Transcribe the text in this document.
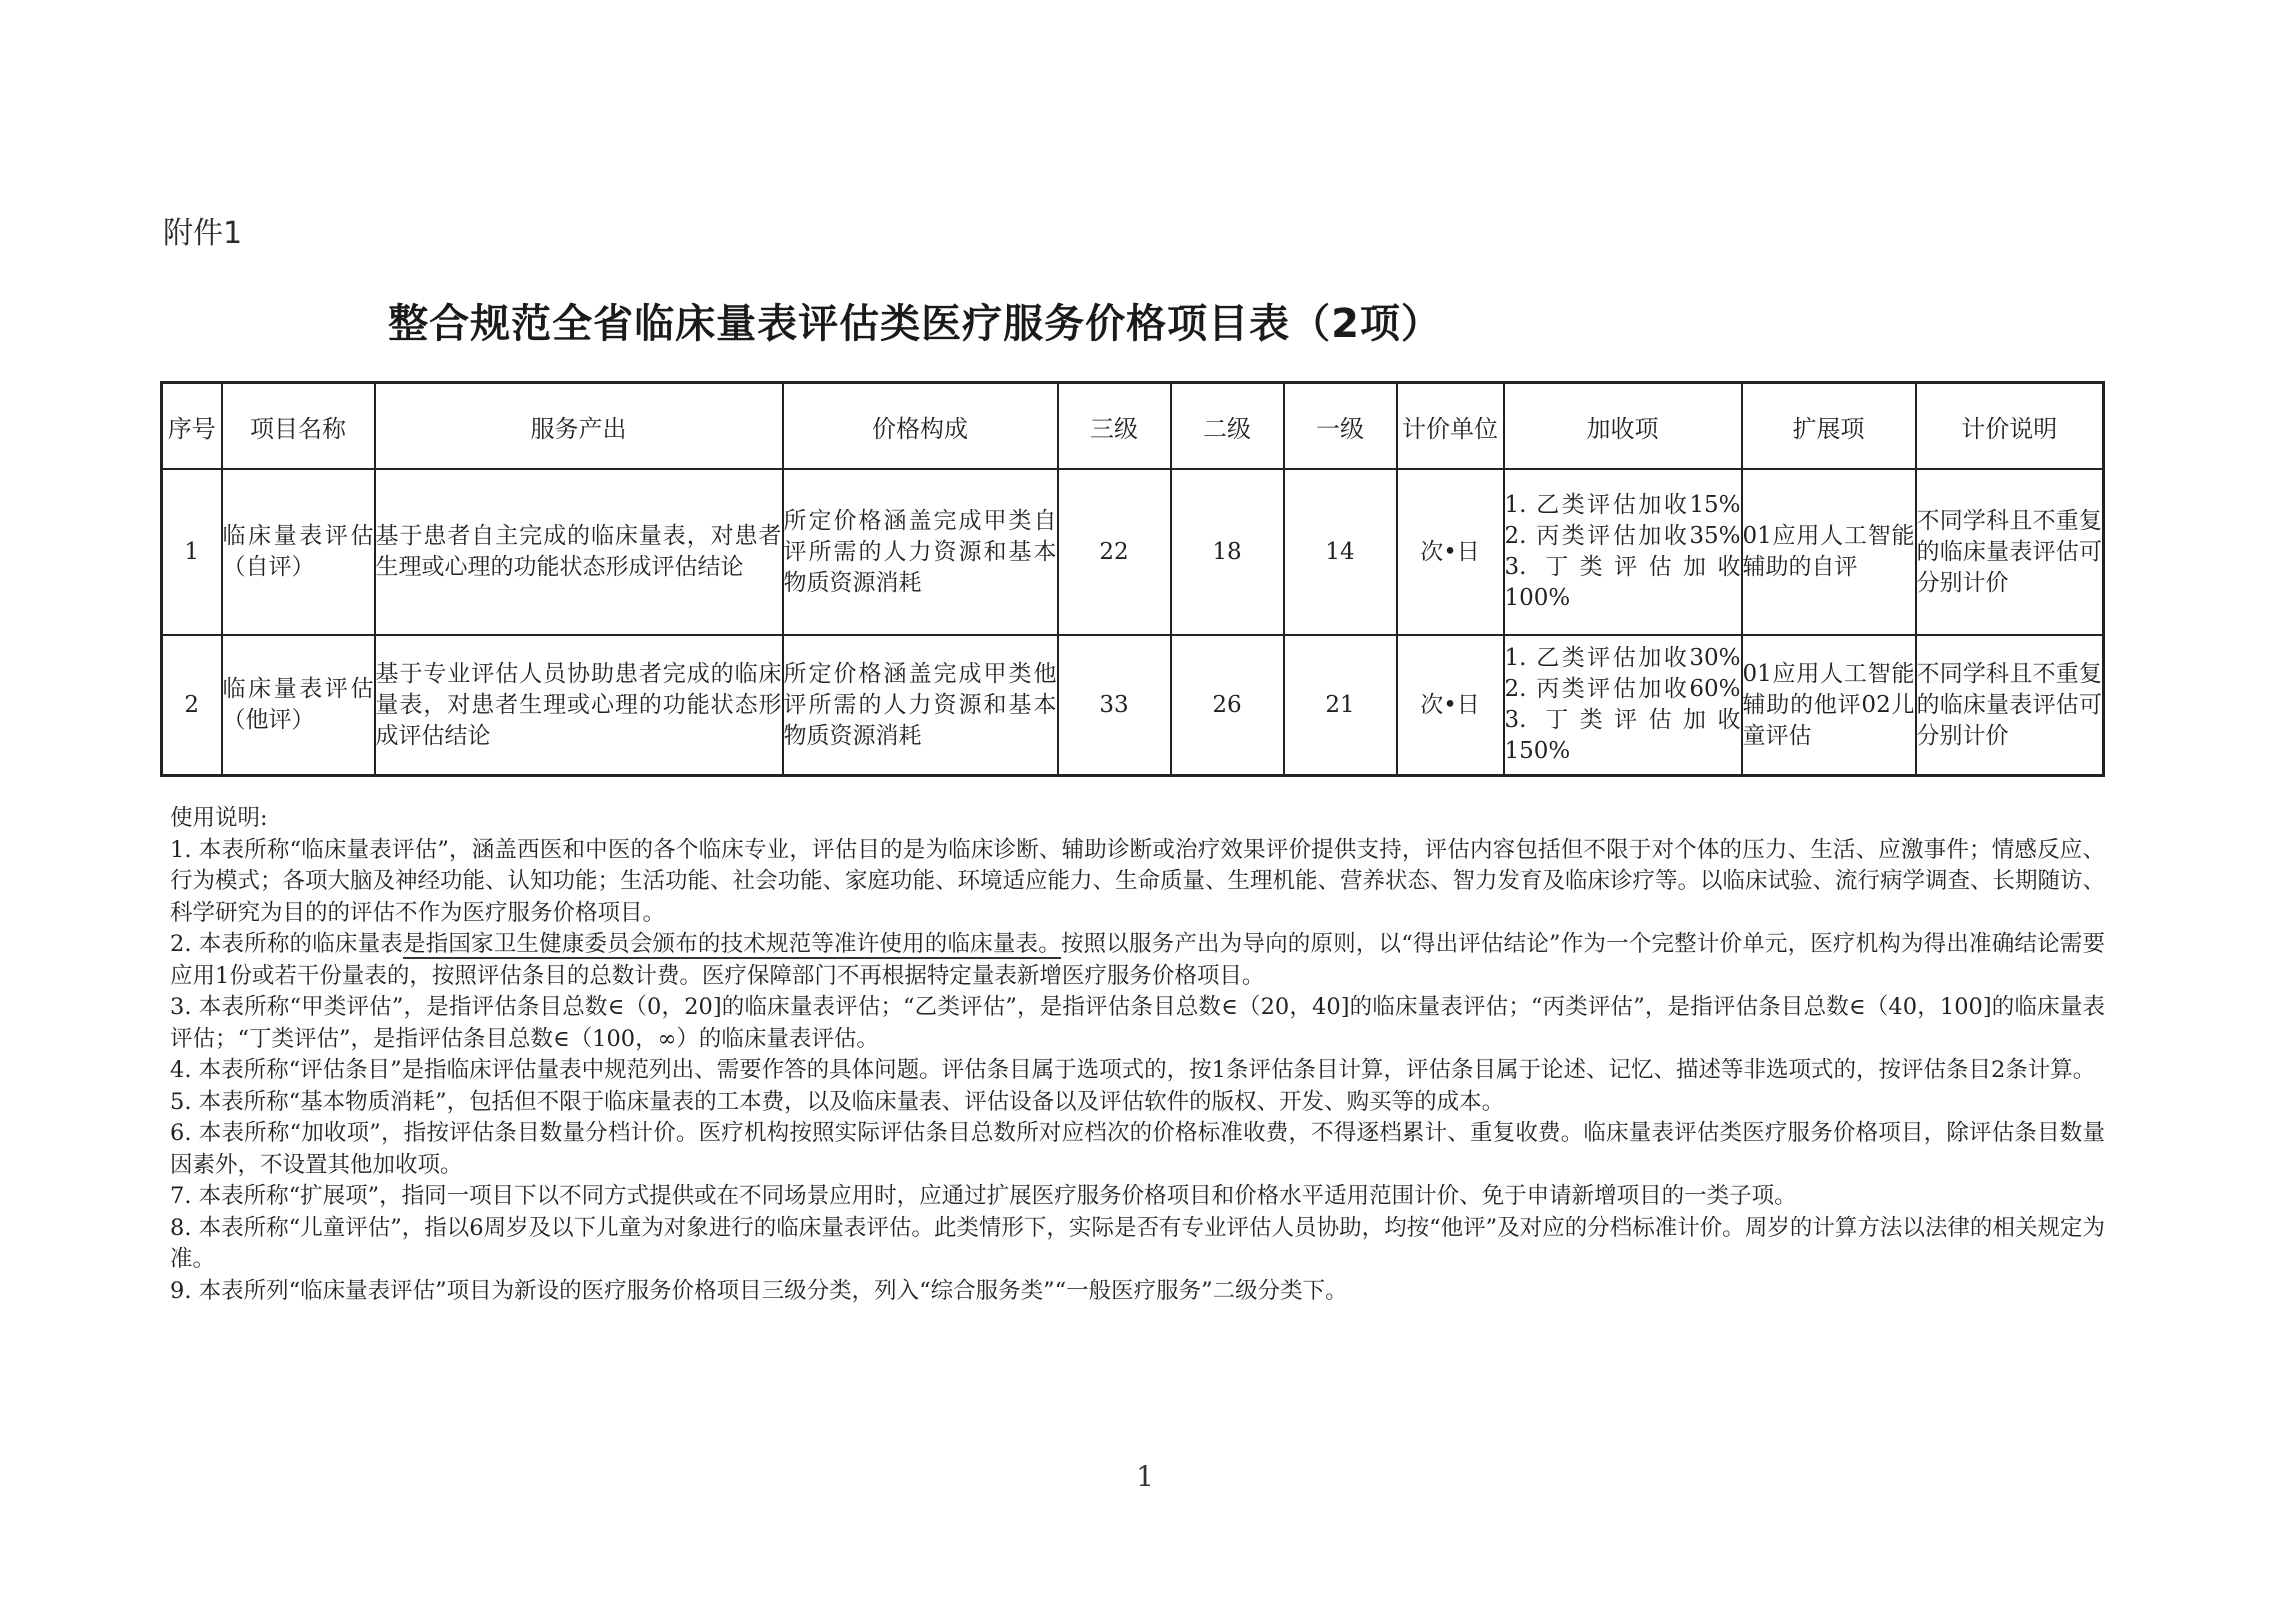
附件1
整合规范全省临床量表评估类医疗服务价格项目表（2项）
序号	项目名称	服务产出	价格构成	三级	二级	一级	计价单位	加收项	扩展项	计价说明
1	临床量表评估（自评）	基于患者自主完成的临床量表，对患者生理或心理的功能状态形成评估结论	所定价格涵盖完成甲类自评所需的人力资源和基本物质资源消耗	22	18	14	次•日	1. 乙类评估加收15%
2. 丙类评估加收35%
3. 丁类评估加收
100%	01应用人工智能辅助的自评	不同学科且不重复的临床量表评估可分别计价
2	临床量表评估（他评）	基于专业评估人员协助患者完成的临床量表，对患者生理或心理的功能状态形成评估结论	所定价格涵盖完成甲类他评所需的人力资源和基本物质资源消耗	33	26	21	次•日	1. 乙类评估加收30%
2. 丙类评估加收60%
3. 丁类评估加收
150%	01应用人工智能辅助的他评02儿童评估	不同学科且不重复的临床量表评估可分别计价

使用说明:

1. 本表所称“临床量表评估”，涵盖西医和中医的各个临床专业，评估目的是为临床诊断、辅助诊断或治疗效果评价提供支持，评估内容包括但不限于对个体的压力、生活、应激事件；情感反应、行为模式；各项大脑及神经功能、认知功能；生活功能、社会功能、家庭功能、环境适应能力、生命质量、生理机能、营养状态、智力发育及临床诊疗等。以临床试验、流行病学调查、长期随访、科学研究为目的的评估不作为医疗服务价格项目。

2. 本表所称的临床量表是指国家卫生健康委员会颁布的技术规范等准许使用的临床量表。按照以服务产出为导向的原则，以“得出评估结论”作为一个完整计价单元，医疗机构为得出准确结论需要应用1份或若干份量表的，按照评估条目的总数计费。医疗保障部门不再根据特定量表新增医疗服务价格项目。

3. 本表所称“甲类评估”，是指评估条目总数∈（0，20]的临床量表评估；“乙类评估”，是指评估条目总数∈（20，40]的临床量表评估；“丙类评估”，是指评估条目总数∈（40，100]的临床量表评估；“丁类评估”，是指评估条目总数∈（100，∞）的临床量表评估。

4. 本表所称“评估条目”是指临床评估量表中规范列出、需要作答的具体问题。评估条目属于选项式的，按1条评估条目计算，评估条目属于论述、记忆、描述等非选项式的，按评估条目2条计算。

5. 本表所称“基本物质消耗”，包括但不限于临床量表的工本费，以及临床量表、评估设备以及评估软件的版权、开发、购买等的成本。

6. 本表所称“加收项”，指按评估条目数量分档计价。医疗机构按照实际评估条目总数所对应档次的价格标准收费，不得逐档累计、重复收费。临床量表评估类医疗服务价格项目，除评估条目数量因素外，不设置其他加收项。

7. 本表所称“扩展项”，指同一项目下以不同方式提供或在不同场景应用时，应通过扩展医疗服务价格项目和价格水平适用范围计价、免于申请新增项目的一类子项。

8. 本表所称“儿童评估”，指以6周岁及以下儿童为对象进行的临床量表评估。此类情形下，实际是否有专业评估人员协助，均按“他评”及对应的分档标准计价。周岁的计算方法以法律的相关规定为准。

9. 本表所列“临床量表评估”项目为新设的医疗服务价格项目三级分类，列入“综合服务类”“一般医疗服务”二级分类下。

1
